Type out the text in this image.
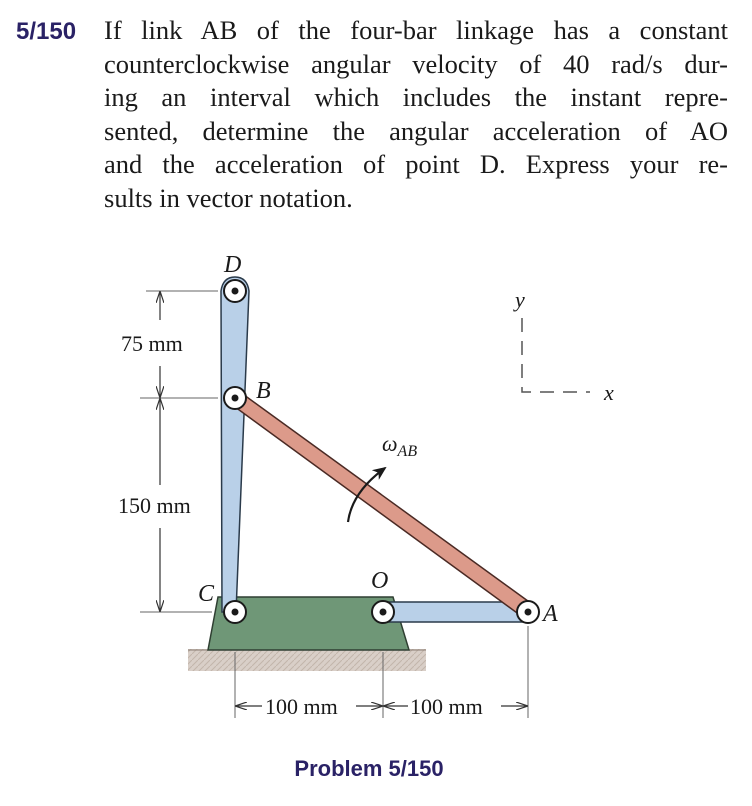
5/150 If link AB of the four-bar linkage has a constant
counterclockwise angular velocity of 40 rad/s dur-
ing an interval which includes the instant repre-
sented, determine the angular acceleration of AO
and the acceleration of point D. Express your re-
sults in vector notation.
D
B
C	O
A
y
x
$\omega_{AB}$
75 mm
150 mm
100 mm	100 mm
Problem 5/150
